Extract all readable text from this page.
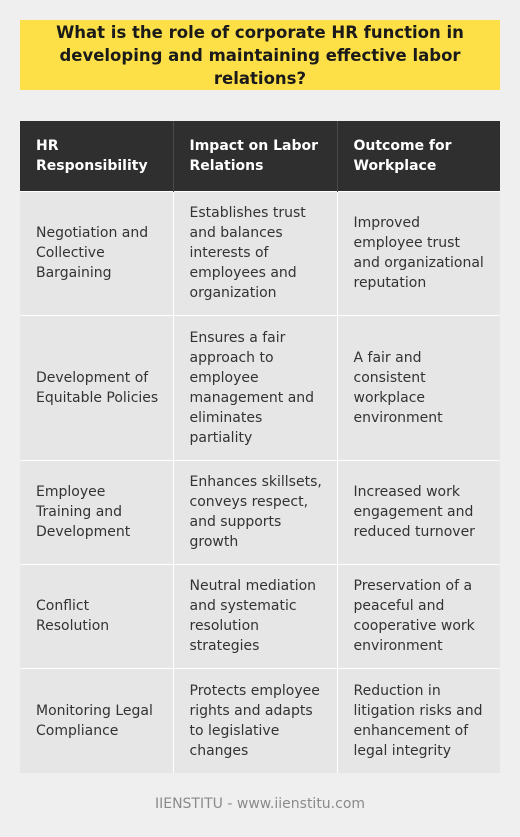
What is the role of corporate HR function in developing and maintaining effective labor relations?
HR Responsibility	Impact on Labor Relations	Outcome for Workplace
Negotiation and Collective Bargaining	Establishes trust and balances interests of employees and organization	Improved employee trust and organizational reputation
Development of Equitable Policies	Ensures a fair approach to employee management and eliminates partiality	A fair and consistent workplace environment
Employee Training and Development	Enhances skillsets, conveys respect, and supports growth	Increased work engagement and reduced turnover
Conflict Resolution	Neutral mediation and systematic resolution strategies	Preservation of a peaceful and cooperative work environment
Monitoring Legal Compliance	Protects employee rights and adapts to legislative changes	Reduction in litigation risks and enhancement of legal integrity
IIENSTITU - www.iienstitu.com
